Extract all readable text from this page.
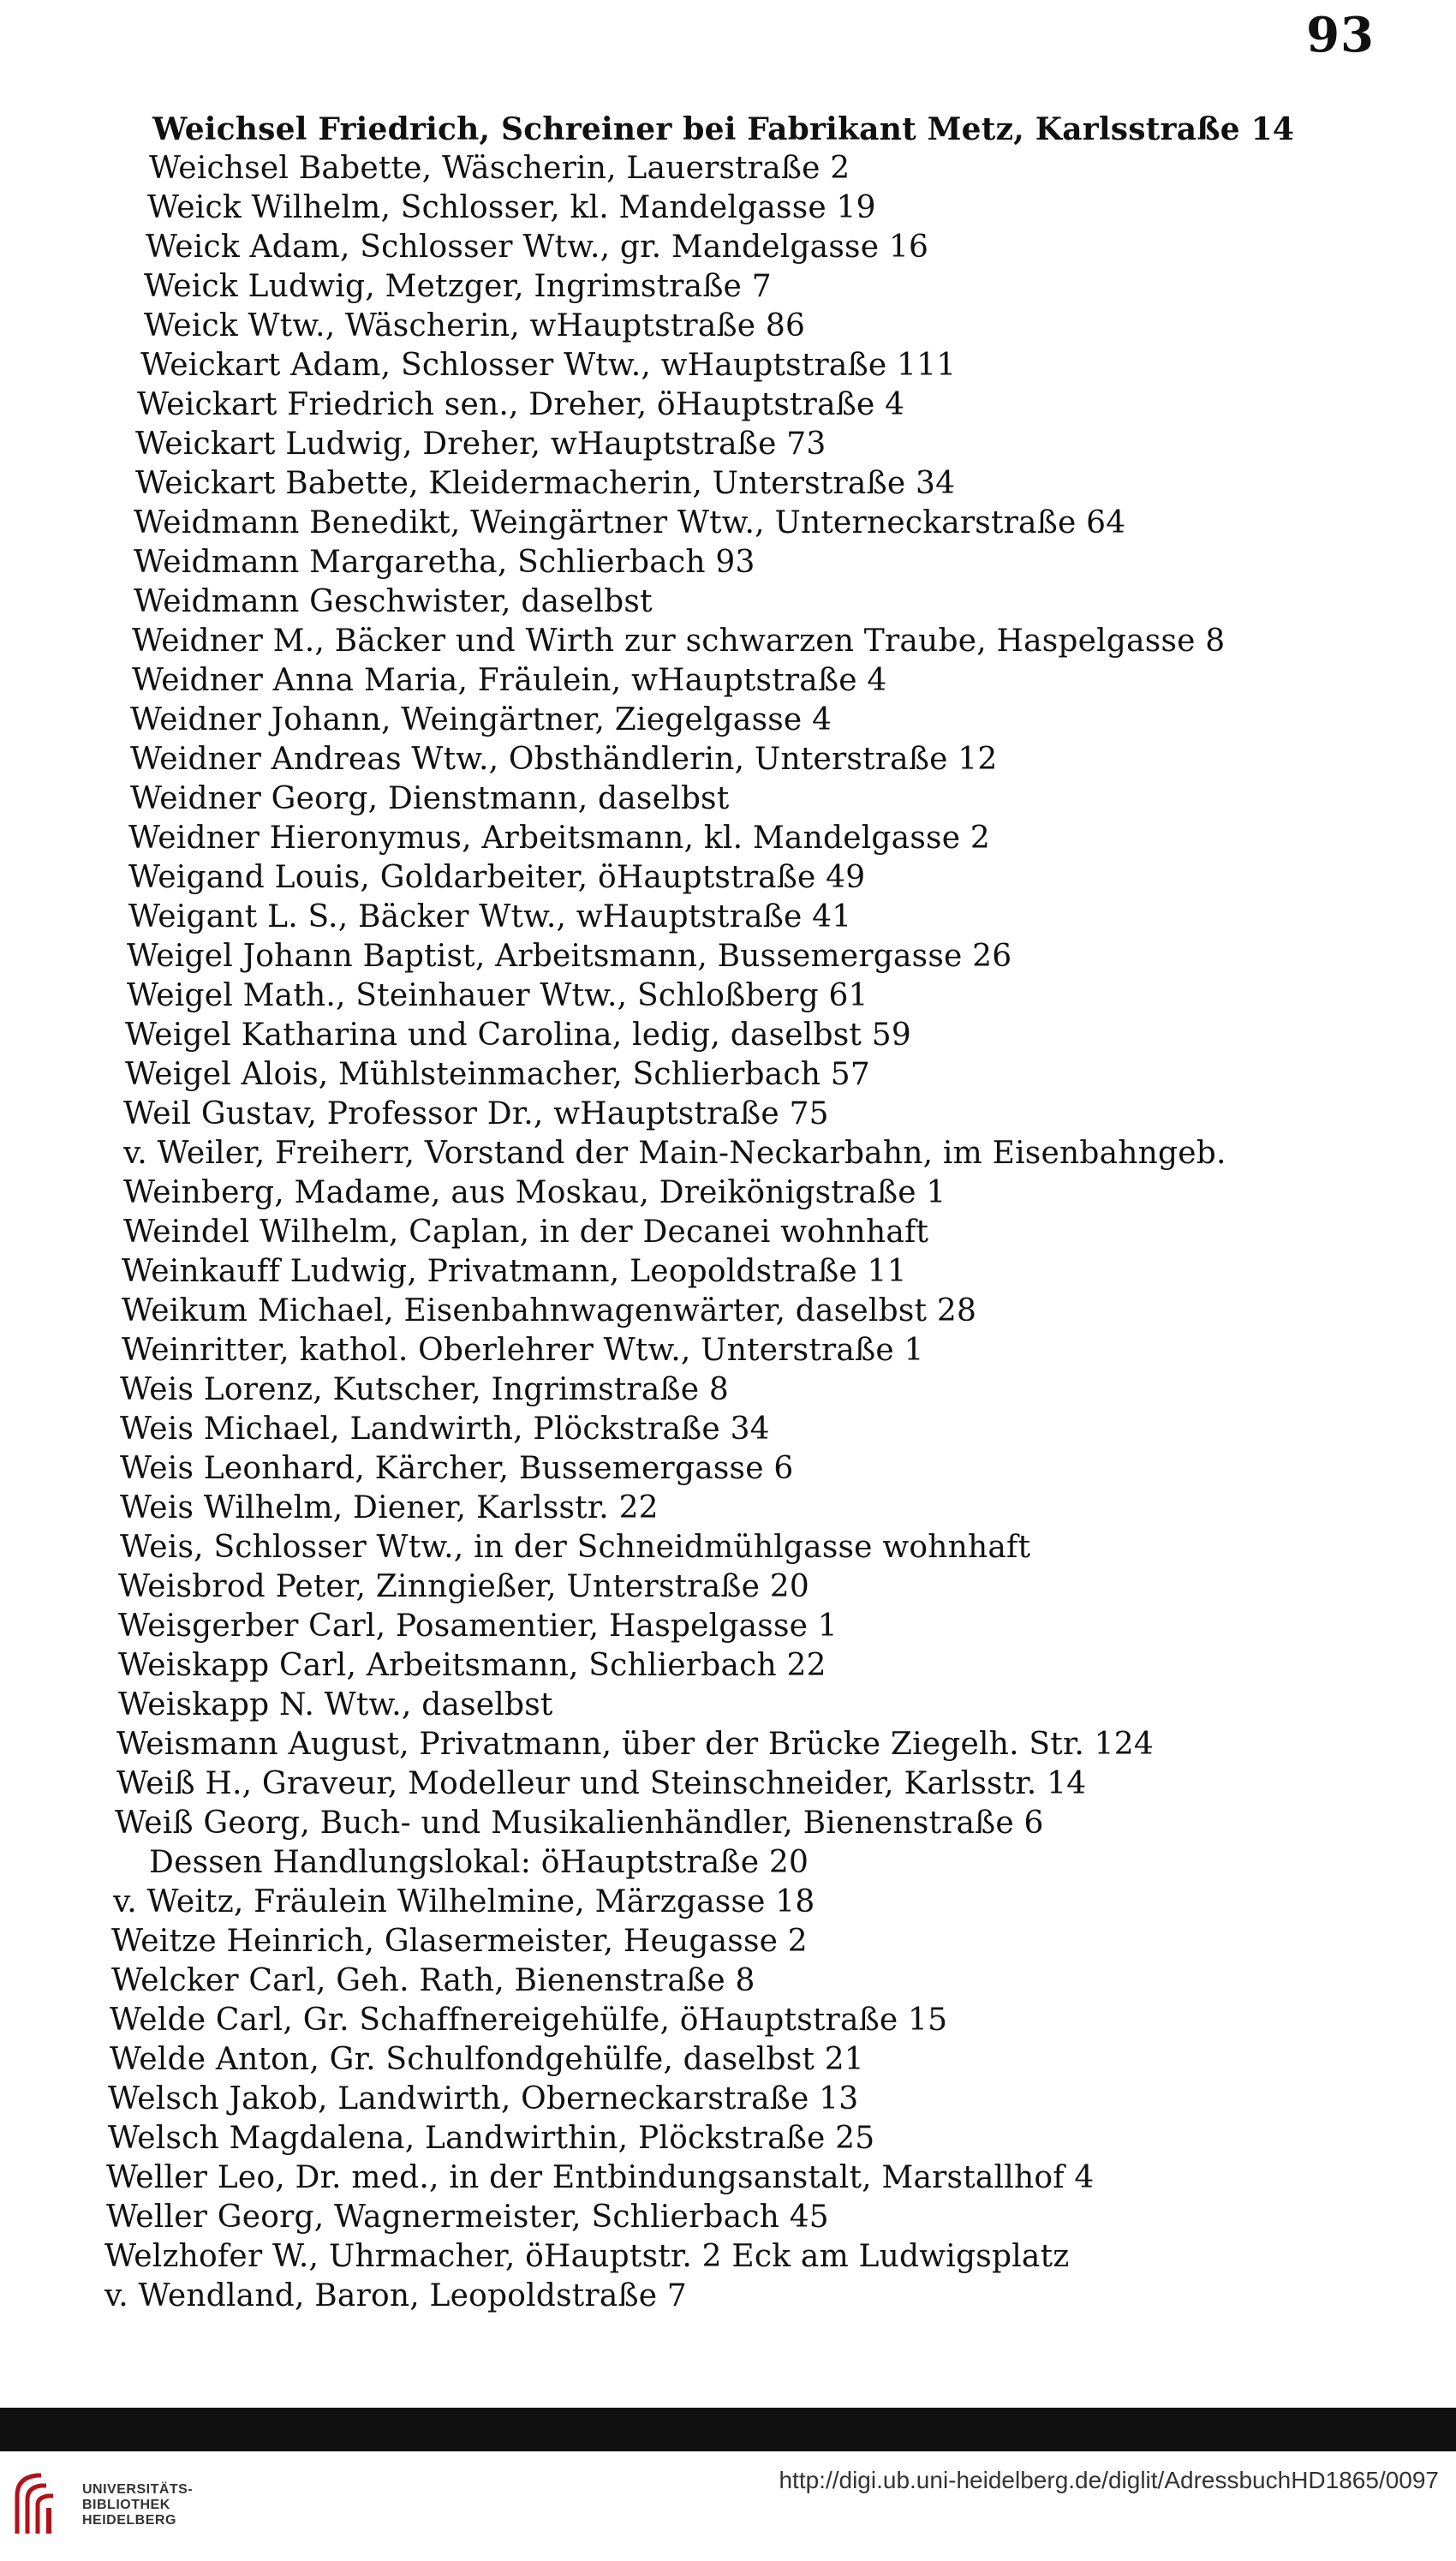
93
Weichsel Friedrich, Schreiner bei Fabrikant Metz, Karlsstraße 14
Weichsel Babette, Wäscherin, Lauerstraße 2
Weick Wilhelm, Schlosser, kl. Mandelgasse 19
Weick Adam, Schlosser Wtw., gr. Mandelgasse 16
Weick Ludwig, Metzger, Ingrimstraße 7
Weick Wtw., Wäscherin, wHauptstraße 86
Weickart Adam, Schlosser Wtw., wHauptstraße 111
Weickart Friedrich sen., Dreher, öHauptstraße 4
Weickart Ludwig, Dreher, wHauptstraße 73
Weickart Babette, Kleidermacherin, Unterstraße 34
Weidmann Benedikt, Weingärtner Wtw., Unterneckarstraße 64
Weidmann Margaretha, Schlierbach 93
Weidmann Geschwister, daselbst
Weidner M., Bäcker und Wirth zur schwarzen Traube, Haspelgasse 8
Weidner Anna Maria, Fräulein, wHauptstraße 4
Weidner Johann, Weingärtner, Ziegelgasse 4
Weidner Andreas Wtw., Obsthändlerin, Unterstraße 12
Weidner Georg, Dienstmann, daselbst
Weidner Hieronymus, Arbeitsmann, kl. Mandelgasse 2
Weigand Louis, Goldarbeiter, öHauptstraße 49
Weigant L. S., Bäcker Wtw., wHauptstraße 41
Weigel Johann Baptist, Arbeitsmann, Bussemergasse 26
Weigel Math., Steinhauer Wtw., Schloßberg 61
Weigel Katharina und Carolina, ledig, daselbst 59
Weigel Alois, Mühlsteinmacher, Schlierbach 57
Weil Gustav, Professor Dr., wHauptstraße 75
v. Weiler, Freiherr, Vorstand der Main-Neckarbahn, im Eisenbahngeb.
Weinberg, Madame, aus Moskau, Dreikönigstraße 1
Weindel Wilhelm, Caplan, in der Decanei wohnhaft
Weinkauff Ludwig, Privatmann, Leopoldstraße 11
Weikum Michael, Eisenbahnwagenwärter, daselbst 28
Weinritter, kathol. Oberlehrer Wtw., Unterstraße 1
Weis Lorenz, Kutscher, Ingrimstraße 8
Weis Michael, Landwirth, Plöckstraße 34
Weis Leonhard, Kärcher, Bussemergasse 6
Weis Wilhelm, Diener, Karlsstr. 22
Weis, Schlosser Wtw., in der Schneidmühlgasse wohnhaft
Weisbrod Peter, Zinngießer, Unterstraße 20
Weisgerber Carl, Posamentier, Haspelgasse 1
Weiskapp Carl, Arbeitsmann, Schlierbach 22
Weiskapp N. Wtw., daselbst
Weismann August, Privatmann, über der Brücke Ziegelh. Str. 124
Weiß H., Graveur, Modelleur und Steinschneider, Karlsstr. 14
Weiß Georg, Buch- und Musikalienhändler, Bienenstraße 6
Dessen Handlungslokal: öHauptstraße 20
v. Weitz, Fräulein Wilhelmine, Märzgasse 18
Weitze Heinrich, Glasermeister, Heugasse 2
Welcker Carl, Geh. Rath, Bienenstraße 8
Welde Carl, Gr. Schaffnereigehülfe, öHauptstraße 15
Welde Anton, Gr. Schulfondgehülfe, daselbst 21
Welsch Jakob, Landwirth, Oberneckarstraße 13
Welsch Magdalena, Landwirthin, Plöckstraße 25
Weller Leo, Dr. med., in der Entbindungsanstalt, Marstallhof 4
Weller Georg, Wagnermeister, Schlierbach 45
Welzhofer W., Uhrmacher, öHauptstr. 2 Eck am Ludwigsplatz
v. Wendland, Baron, Leopoldstraße 7
UNIVERSITÄTS-
BIBLIOTHEK
HEIDELBERG
http://digi.ub.uni-heidelberg.de/diglit/AdressbuchHD1865/0097
